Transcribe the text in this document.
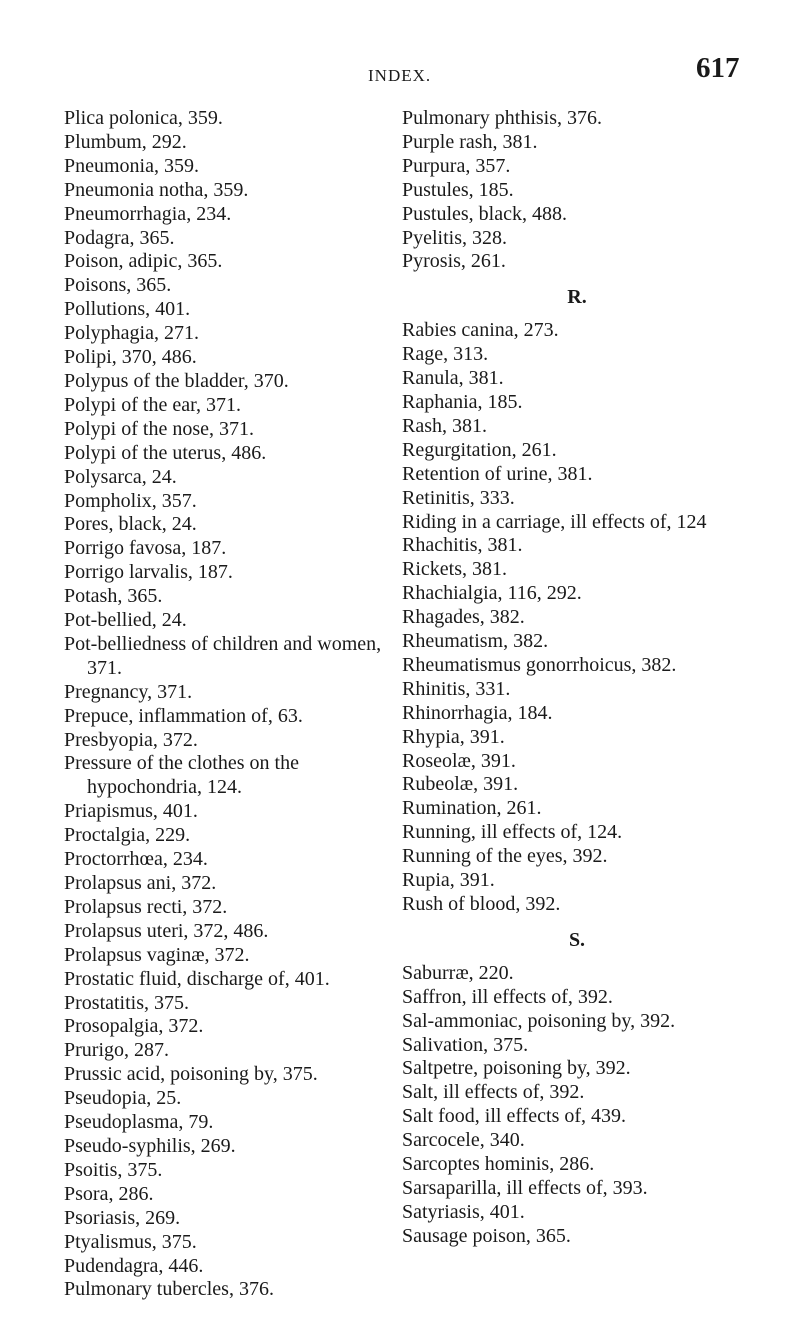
INDEX.	617
Plica polonica, 359.
Plumbum, 292.
Pneumonia, 359.
Pneumonia notha, 359.
Pneumorrhagia, 234.
Podagra, 365.
Poison, adipic, 365.
Poisons, 365.
Pollutions, 401.
Polyphagia, 271.
Polipi, 370, 486.
Polypus of the bladder, 370.
Polypi of the ear, 371.
Polypi of the nose, 371.
Polypi of the uterus, 486.
Polysarca, 24.
Pompholix, 357.
Pores, black, 24.
Porrigo favosa, 187.
Porrigo larvalis, 187.
Potash, 365.
Pot-bellied, 24.
Pot-belliedness of children and women, 371.
Pregnancy, 371.
Prepuce, inflammation of, 63.
Presbyopia, 372.
Pressure of the clothes on the hypochondria, 124.
Priapismus, 401.
Proctalgia, 229.
Proctorrhœa, 234.
Prolapsus ani, 372.
Prolapsus recti, 372.
Prolapsus uteri, 372, 486.
Prolapsus vaginæ, 372.
Prostatic fluid, discharge of, 401.
Prostatitis, 375.
Prosopalgia, 372.
Prurigo, 287.
Prussic acid, poisoning by, 375.
Pseudopia, 25.
Pseudoplasma, 79.
Pseudo-syphilis, 269.
Psoitis, 375.
Psora, 286.
Psoriasis, 269.
Ptyalismus, 375.
Pudendagra, 446.
Pulmonary tubercles, 376.
Pulmonary phthisis, 376.
Purple rash, 381.
Purpura, 357.
Pustules, 185.
Pustules, black, 488.
Pyelitis, 328.
Pyrosis, 261.
R.
Rabies canina, 273.
Rage, 313.
Ranula, 381.
Raphania, 185.
Rash, 381.
Regurgitation, 261.
Retention of urine, 381.
Retinitis, 333.
Riding in a carriage, ill effects of, 124
Rhachitis, 381.
Rickets, 381.
Rhachialgia, 116, 292.
Rhagades, 382.
Rheumatism, 382.
Rheumatismus gonorrhoicus, 382.
Rhinitis, 331.
Rhinorrhagia, 184.
Rhypia, 391.
Roseolæ, 391.
Rubeolæ, 391.
Rumination, 261.
Running, ill effects of, 124.
Running of the eyes, 392.
Rupia, 391.
Rush of blood, 392.
S.
Saburræ, 220.
Saffron, ill effects of, 392.
Sal-ammoniac, poisoning by, 392.
Salivation, 375.
Saltpetre, poisoning by, 392.
Salt, ill effects of, 392.
Salt food, ill effects of, 439.
Sarcocele, 340.
Sarcoptes hominis, 286.
Sarsaparilla, ill effects of, 393.
Satyriasis, 401.
Sausage poison, 365.
